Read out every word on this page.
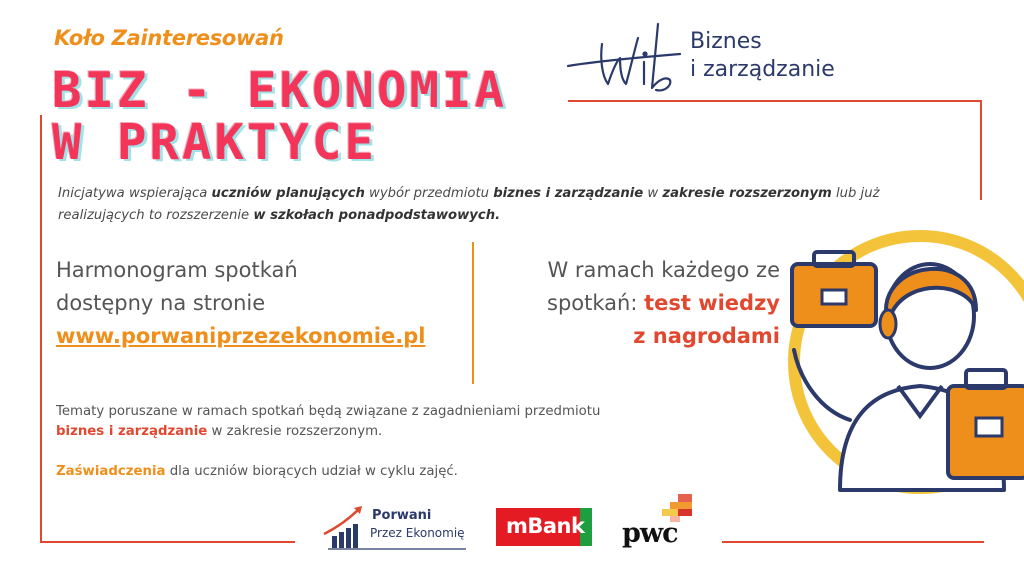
Koło Zainteresowań
BIZ - EKONOMIA
W PRAKTYCE
Biznes
i zarządzanie
Inicjatywa wspierająca uczniów planujących wybór przedmiotu biznes i zarządzanie w zakresie rozszerzonym lub już realizujących to rozszerzenie w szkołach ponadpodstawowych.
Harmonogram spotkań
dostępny na stronie
www.porwaniprzezekonomie.pl
W ramach każdego ze
spotkań: test wiedzy
z nagrodami
Tematy poruszane w ramach spotkań będą związane z zagadnieniami przedmiotu
biznes i zarządzanie w zakresie rozszerzonym.
Zaświadczenia dla uczniów biorących udział w cyklu zajęć.
Porwani
Przez Ekonomię mBank pwc
